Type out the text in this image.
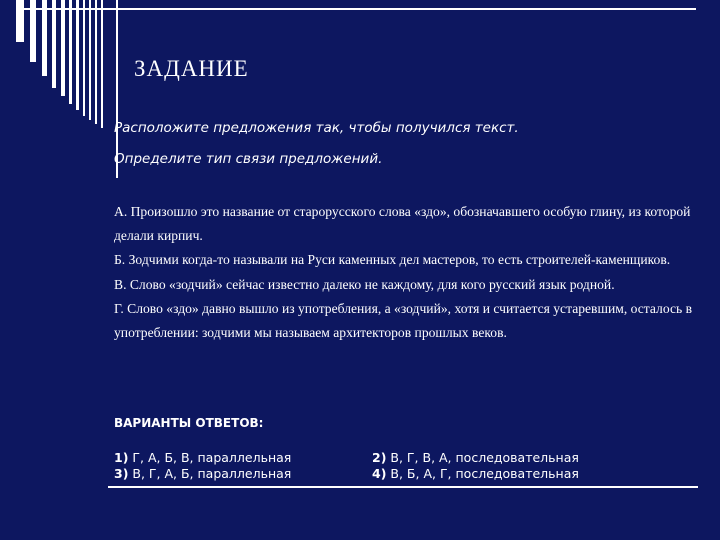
ЗАДАНИЕ
Расположите предложения так, чтобы получился текст.
Определите тип связи предложений.

А. Произошло это название от старорусского слова «здо», обозначавшего особую глину, из которой делали кирпич.

Б. Зодчими когда-то называли на Руси каменных дел мастеров, то есть строителей-каменщиков.

В. Слово «зодчий» сейчас известно далеко не каждому, для кого русский язык родной.

Г. Слово «здо» давно вышло из употребления, а «зодчий», хотя и считается устаревшим, осталось в употреблении: зодчими мы называем архитекторов прошлых веков.

ВАРИАНТЫ ОТВЕТОВ:
1) Г, А, Б, В, параллельная	2) В, Г, В, А, последовательная
3) В, Г, А, Б, параллельная	4) В, Б, А, Г, последовательная
